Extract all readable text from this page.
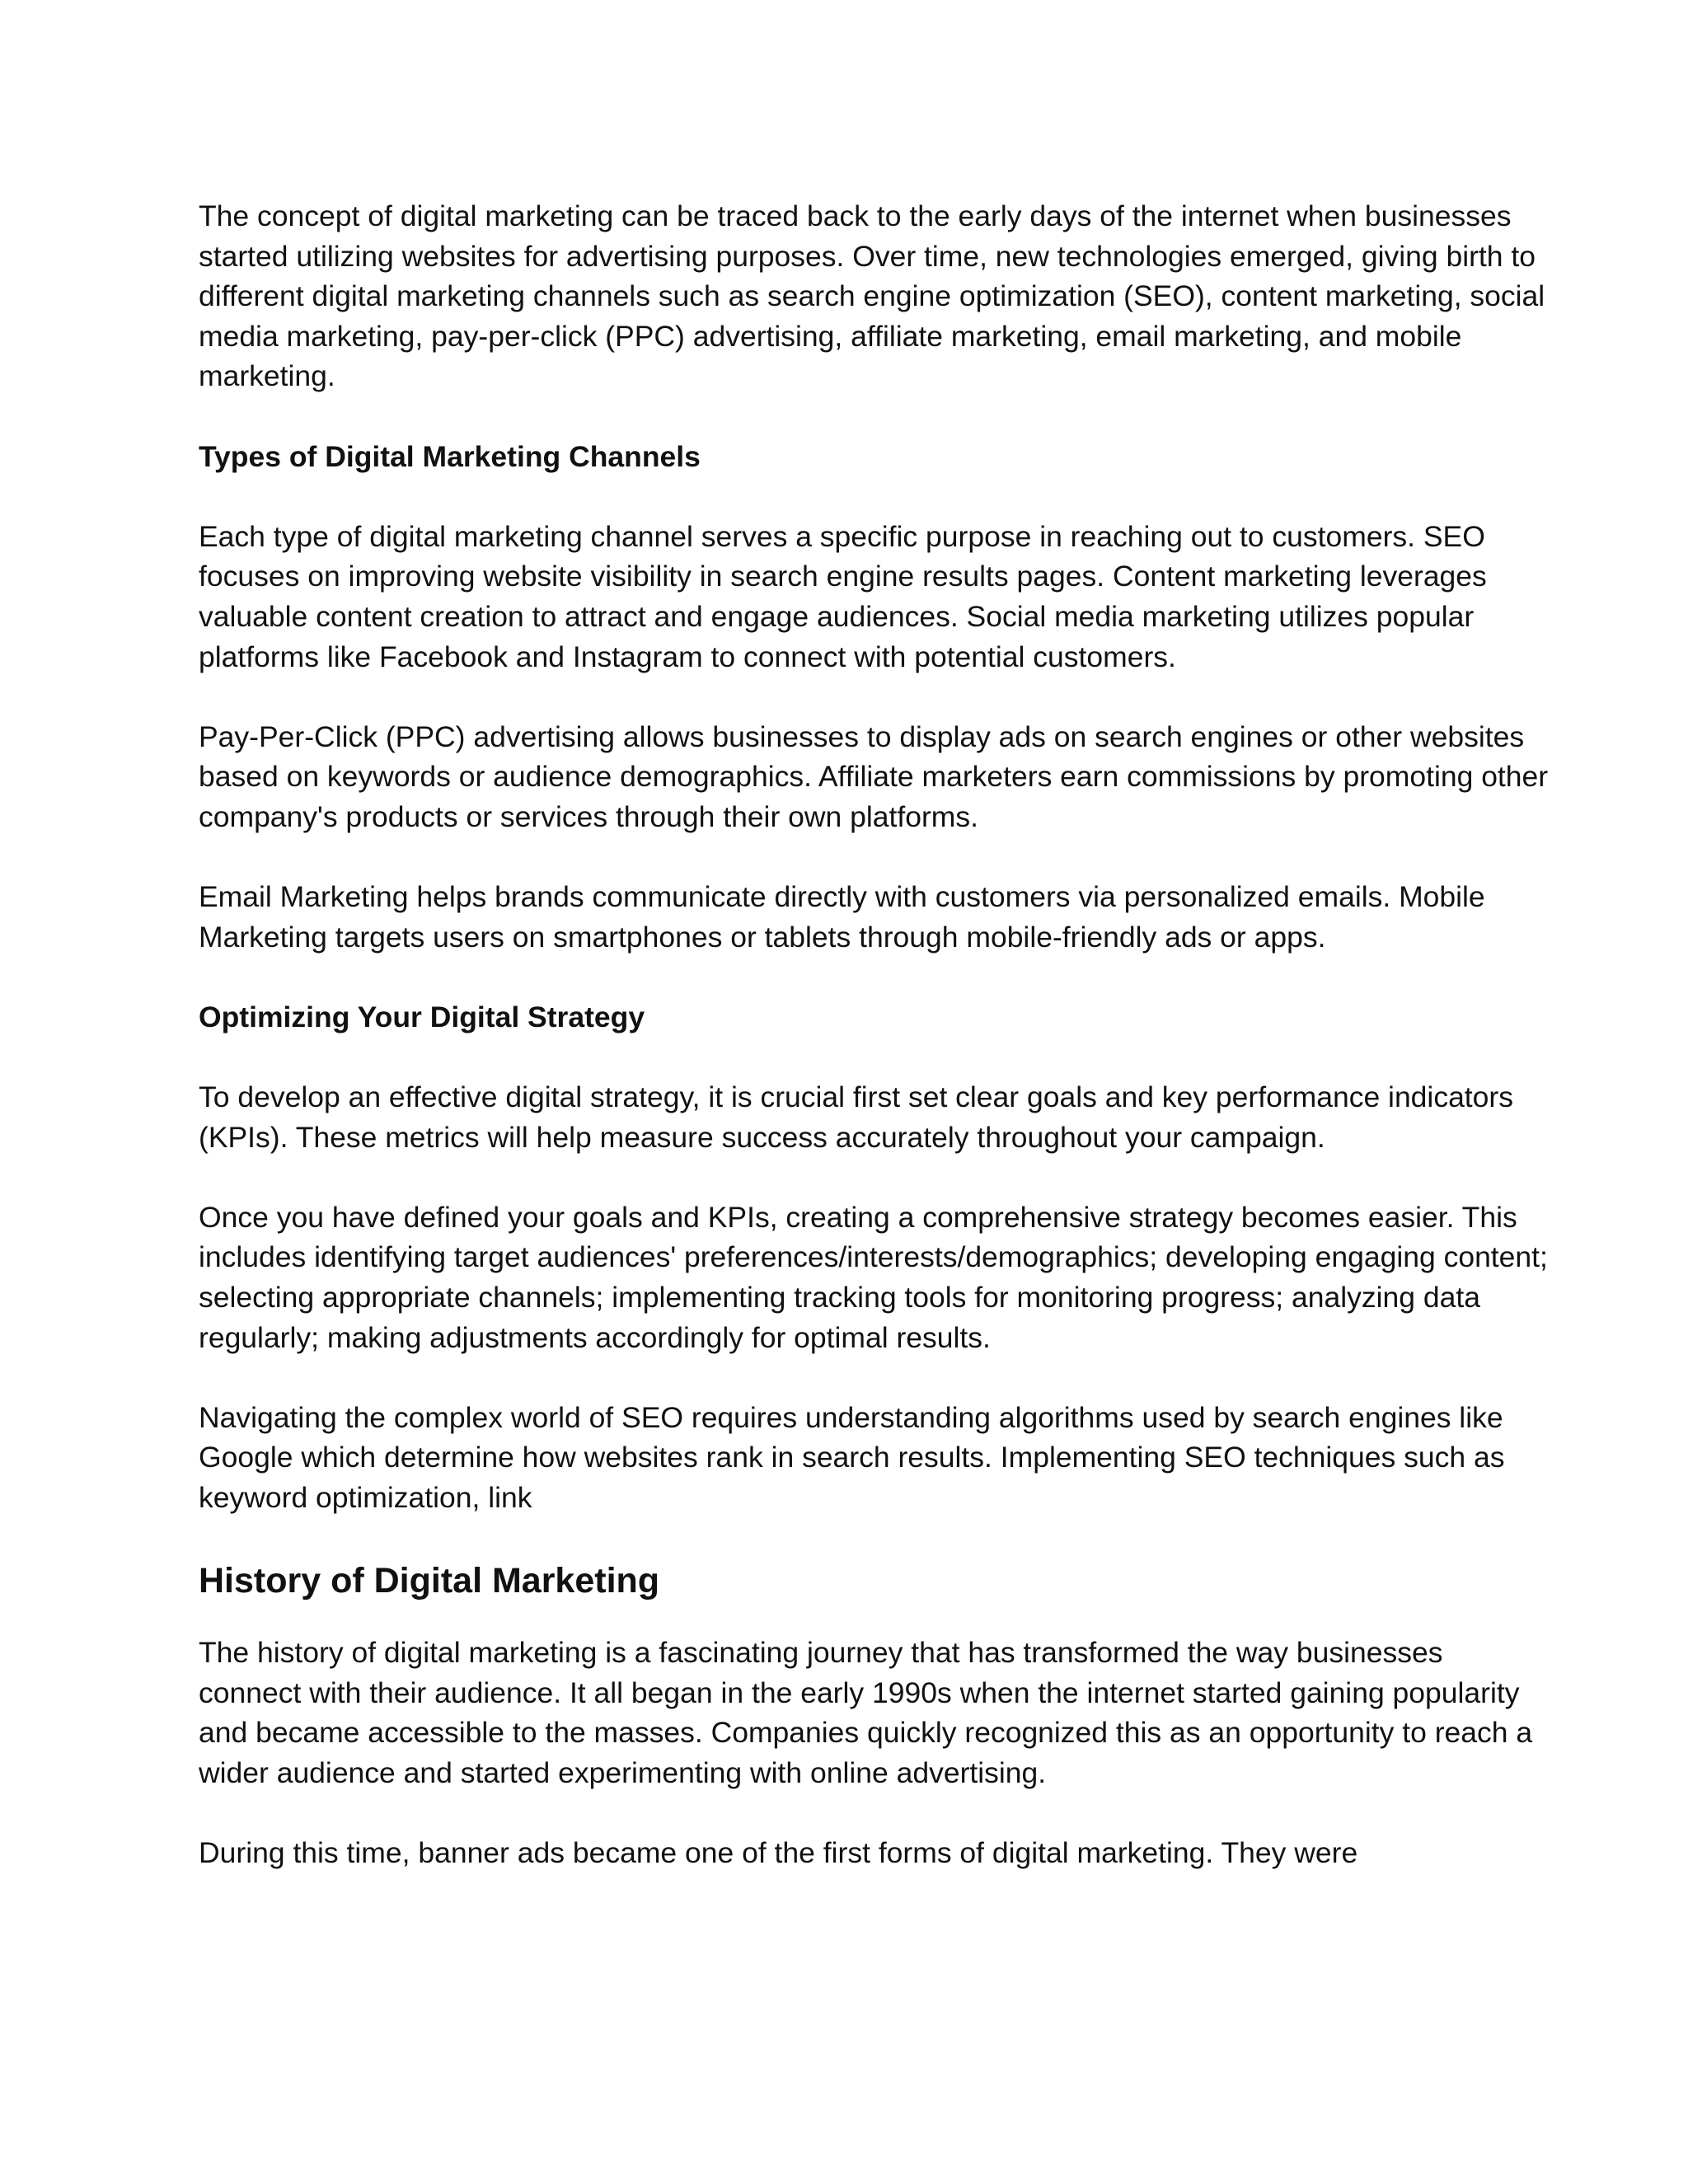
The concept of digital marketing can be traced back to the early days of the internet when businesses started utilizing websites for advertising purposes. Over time, new technologies emerged, giving birth to different digital marketing channels such as search engine optimization (SEO), content marketing, social media marketing, pay-per-click (PPC) advertising, affiliate marketing, email marketing, and mobile marketing.

Types of Digital Marketing Channels

Each type of digital marketing channel serves a specific purpose in reaching out to customers. SEO focuses on improving website visibility in search engine results pages. Content marketing leverages valuable content creation to attract and engage audiences. Social media marketing utilizes popular platforms like Facebook and Instagram to connect with potential customers.

Pay-Per-Click (PPC) advertising allows businesses to display ads on search engines or other websites based on keywords or audience demographics. Affiliate marketers earn commissions by promoting other company's products or services through their own platforms.

Email Marketing helps brands communicate directly with customers via personalized emails. Mobile Marketing targets users on smartphones or tablets through mobile-friendly ads or apps.

Optimizing Your Digital Strategy

To develop an effective digital strategy, it is crucial first set clear goals and key performance indicators (KPIs). These metrics will help measure success accurately throughout your campaign.

Once you have defined your goals and KPIs, creating a comprehensive strategy becomes easier. This includes identifying target audiences' preferences/interests/demographics; developing engaging content; selecting appropriate channels; implementing tracking tools for monitoring progress; analyzing data regularly; making adjustments accordingly for optimal results.

Navigating the complex world of SEO requires understanding algorithms used by search engines like Google which determine how websites rank in search results. Implementing SEO techniques such as keyword optimization, link

History of Digital Marketing

The history of digital marketing is a fascinating journey that has transformed the way businesses connect with their audience. It all began in the early 1990s when the internet started gaining popularity and became accessible to the masses. Companies quickly recognized this as an opportunity to reach a wider audience and started experimenting with online advertising.

During this time, banner ads became one of the first forms of digital marketing. They were
